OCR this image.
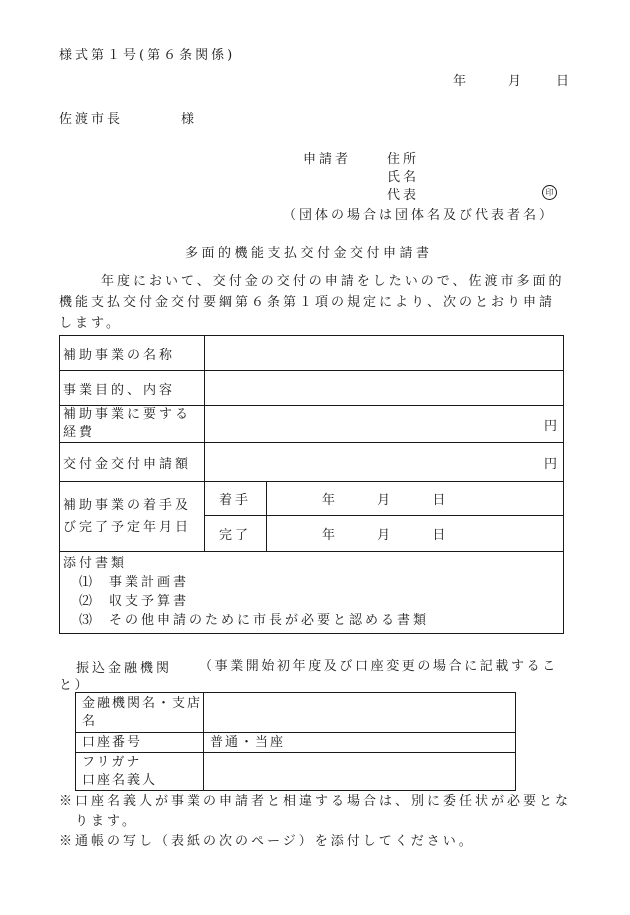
様式第１号(第６条関係)
年	月 日
佐渡市長	様
申請者	住所
氏名
代表	印
（団体の場合は団体名及び代表者名）
多面的機能支払交付金交付申請書
　年度において、交付金の交付の申請をしたいので、佐渡市多面的機能支払交付金交付要綱第６条第１項の規定により、次のとおり申請します。
補助事業の名称		
事業目的、内容		
補助事業に要する経費	円	
交付金交付申請額	円	
補助事業の着手及び完了予定年月日	着手	年 月 日
	完了	年 月 日

添付書類
⑴ 事業計画書
⑵ 収支予算書
⑶ その他申請のために市長が必要と認める書類		
振込金融機関	（事業開始初年度及び口座変更の場合に記載すること）
金融機関名・支店名	
口座番号	普通・当座

フリガナ
口座名義人	

※口座名義人が事業の申請者と相違する場合は、別に委任状が必要となります。
※通帳の写し（表紙の次のページ）を添付してください。
